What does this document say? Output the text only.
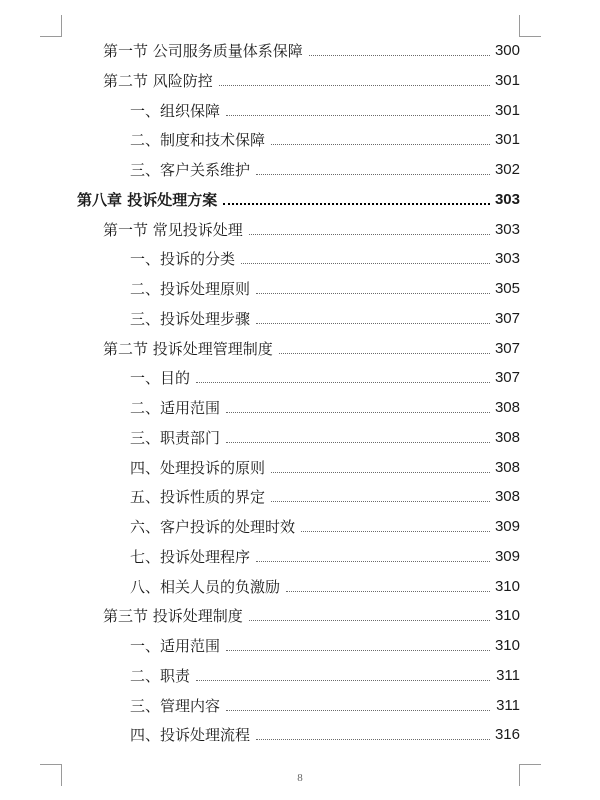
第一节 公司服务质量体系保障	300
第二节 风险防控	301
一、组织保障	301
二、制度和技术保障	301
三、客户关系维护	302
第八章 投诉处理方案	303
第一节 常见投诉处理	303
一、投诉的分类	303
二、投诉处理原则	305
三、投诉处理步骤	307
第二节 投诉处理管理制度	307
一、目的	307
二、适用范围	308
三、职责部门	308
四、处理投诉的原则	308
五、投诉性质的界定	308
六、客户投诉的处理时效	309
七、投诉处理程序	309
八、相关人员的负激励	310
第三节 投诉处理制度	310
一、适用范围	310
二、职责	311
三、管理内容	311
四、投诉处理流程	316
8
